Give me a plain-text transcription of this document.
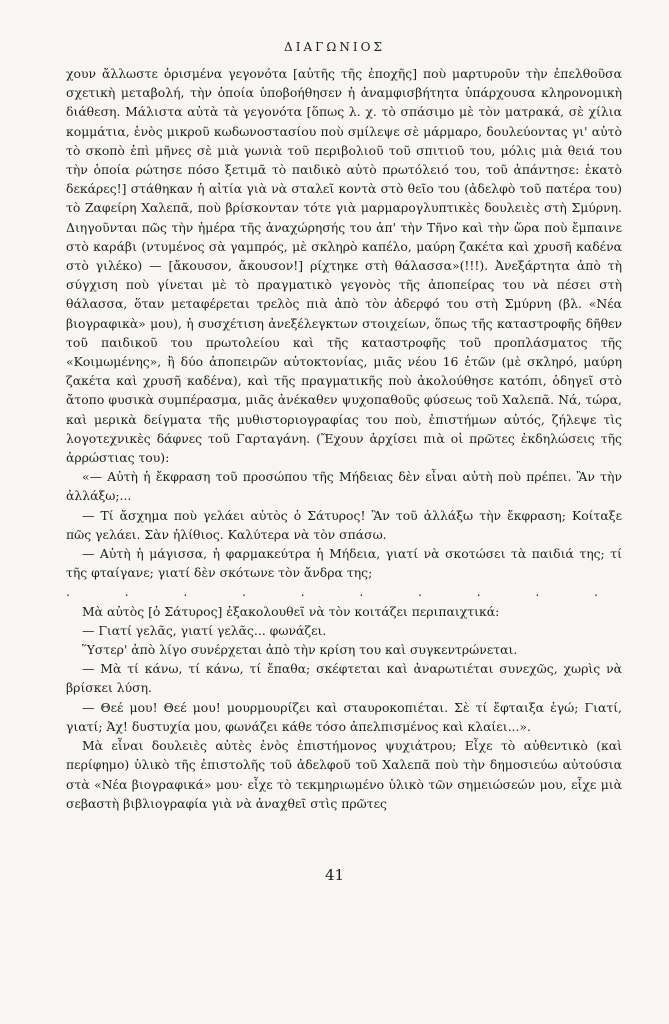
ΔΙΑΓΩΝΙΟΣ

χουν ἄλλωστε ὁρισμένα γεγονότα [αὐτῆς τῆς ἐποχῆς] ποὺ μαρτυροῦν τὴν ἐπελθοῦσα σχετικὴ μεταβολή, τὴν ὁποία ὑποβοήθησεν ἡ ἀναμφισβήτητα ὑπάρχουσα κληρονομικὴ διάθεση. Μάλιστα αὐτὰ τὰ γεγονότα [ὅπως λ. χ. τὸ σπάσιμο μὲ τὸν ματρακά, σὲ χίλια κομμάτια, ἑνὸς μικροῦ κωδωνοστασίου ποὺ σμίλεψε σὲ μάρμαρο, δουλεύοντας γι' αὐτὸ τὸ σκοπὸ ἐπὶ μῆνες σὲ μιὰ γωνιὰ τοῦ περιβολιοῦ τοῦ σπιτιοῦ του, μόλις μιὰ θειά του τὴν ὁποία ρώτησε πόσο ξετιμᾶ τὸ παιδικὸ αὐτὸ πρωτόλειό του, τοῦ ἀπάντησε: ἑκατὸ δεκάρες!] στάθηκαν ἡ αἰτία γιὰ νὰ σταλεῖ κοντὰ στὸ θεῖο του (ἀδελφὸ τοῦ πατέρα του) τὸ Ζαφείρη Χαλεπᾶ, ποὺ βρίσκονταν τότε γιὰ μαρμαρογλυπτικὲς δουλειὲς στὴ Σμύρνη. Διηγοῦνται πῶς τὴν ἡμέρα τῆς ἀναχώρησής του ἀπ' τὴν Τῆνο καὶ τὴν ὥρα ποὺ ἔμπαινε στὸ καράβι (ντυμένος σὰ γαμπρός, μὲ σκληρὸ καπέλο, μαύρη ζακέτα καὶ χρυσῆ καδένα στὸ γιλέκο) — [ἄκουσον, ἄκουσον!] ρίχτηκε στὴ θάλασσα»(!!!). Ἀνεξάρτητα ἀπὸ τὴ σύγχιση ποὺ γίνεται μὲ τὸ πραγματικὸ γεγονὸς τῆς ἀποπείρας του νὰ πέσει στὴ θάλασσα, ὅταν μεταφέρεται τρελὸς πιὰ ἀπὸ τὸν ἀδερφό του στὴ Σμύρνη (βλ. «Νέα βιογραφικὰ» μου), ἡ συσχέτιση ἀνεξέλεγκτων στοιχείων, ὅπως τῆς καταστροφῆς δῆθεν τοῦ παιδικοῦ του πρωτολείου καὶ τῆς καταστροφῆς τοῦ προπλάσματος τῆς «Κοιμωμένης», ἢ δύο ἀποπειρῶν αὐτοκτονίας, μιᾶς νέου 16 ἐτῶν (μὲ σκληρό, μαύρη ζακέτα καὶ χρυσῆ καδένα), καὶ τῆς πραγματικῆς ποὺ ἀκολούθησε κατόπι, ὁδηγεῖ στὸ ἄτοπο φυσικὰ συμπέρασμα, μιᾶς ἀνέκαθεν ψυχοπαθοῦς φύσεως τοῦ Χαλεπᾶ. Νά, τώρα, καὶ μερικὰ δείγματα τῆς μυθιστοριογραφίας του ποὺ, ἐπιστήμων αὐτός, ζήλεψε τὶς λογοτεχνικὲς δάφνες τοῦ Γαρταγάνη. (Ἔχουν ἀρχίσει πιὰ οἱ πρῶτες ἐκδηλώσεις τῆς ἀρρώστιας του):

«— Αὐτὴ ἡ ἔκφραση τοῦ προσώπου τῆς Μήδειας δὲν εἶναι αὐτὴ ποὺ πρέπει. Ἂν τὴν ἀλλάξω;...

— Τί ἄσχημα ποὺ γελάει αὐτὸς ὁ Σάτυρος! Ἂν τοῦ ἀλλάξω τὴν ἔκφραση; Κοίταξε πῶς γελάει. Σὰν ἠλίθιος. Καλύτερα νὰ τὸν σπάσω.

— Αὐτὴ ἡ μάγισσα, ἡ φαρμακεύτρα ἡ Μήδεια, γιατί νὰ σκοτώσει τὰ παιδιά της; τί τῆς φταίγανε; γιατί δὲν σκότωνε τὸν ἄνδρα της;

. . . . . . . . . .

Μὰ αὐτὸς [ὁ Σάτυρος] ἐξακολουθεῖ νὰ τὸν κοιτάζει περιπαιχτικά:

— Γιατί γελᾶς, γιατί γελᾶς... φωνάζει.

Ὕστερ' ἀπὸ λίγο συνέρχεται ἀπὸ τὴν κρίση του καὶ συγκεντρώνεται.

— Μὰ τί κάνω, τί κάνω, τί ἔπαθα; σκέφτεται καὶ ἀναρωτιέται συνεχῶς, χωρὶς νὰ βρίσκει λύση.

— Θεέ μου! Θεέ μου! μουρμουρίζει καὶ σταυροκοπιέται. Σὲ τί ἔφταιξα ἐγώ; Γιατί, γιατί; Ἀχ! δυστυχία μου, φωνάζει κάθε τόσο ἀπελπισμένος καὶ κλαίει...».

Μὰ εἶναι δουλειὲς αὐτὲς ἑνὸς ἐπιστήμονος ψυχιάτρου; Εἶχε τὸ αὐθεντικὸ (καὶ περίφημο) ὑλικὸ τῆς ἐπιστολῆς τοῦ ἀδελφοῦ τοῦ Χαλεπᾶ ποὺ τὴν δημοσιεύω αὐτούσια στὰ «Νέα βιογραφικά» μου· εἶχε τὸ τεκμηριωμένο ὑλικὸ τῶν σημειώσεών μου, εἶχε μιὰ σεβαστὴ βιβλιογραφία γιὰ νὰ ἀναχθεῖ στὶς πρῶτες

41
